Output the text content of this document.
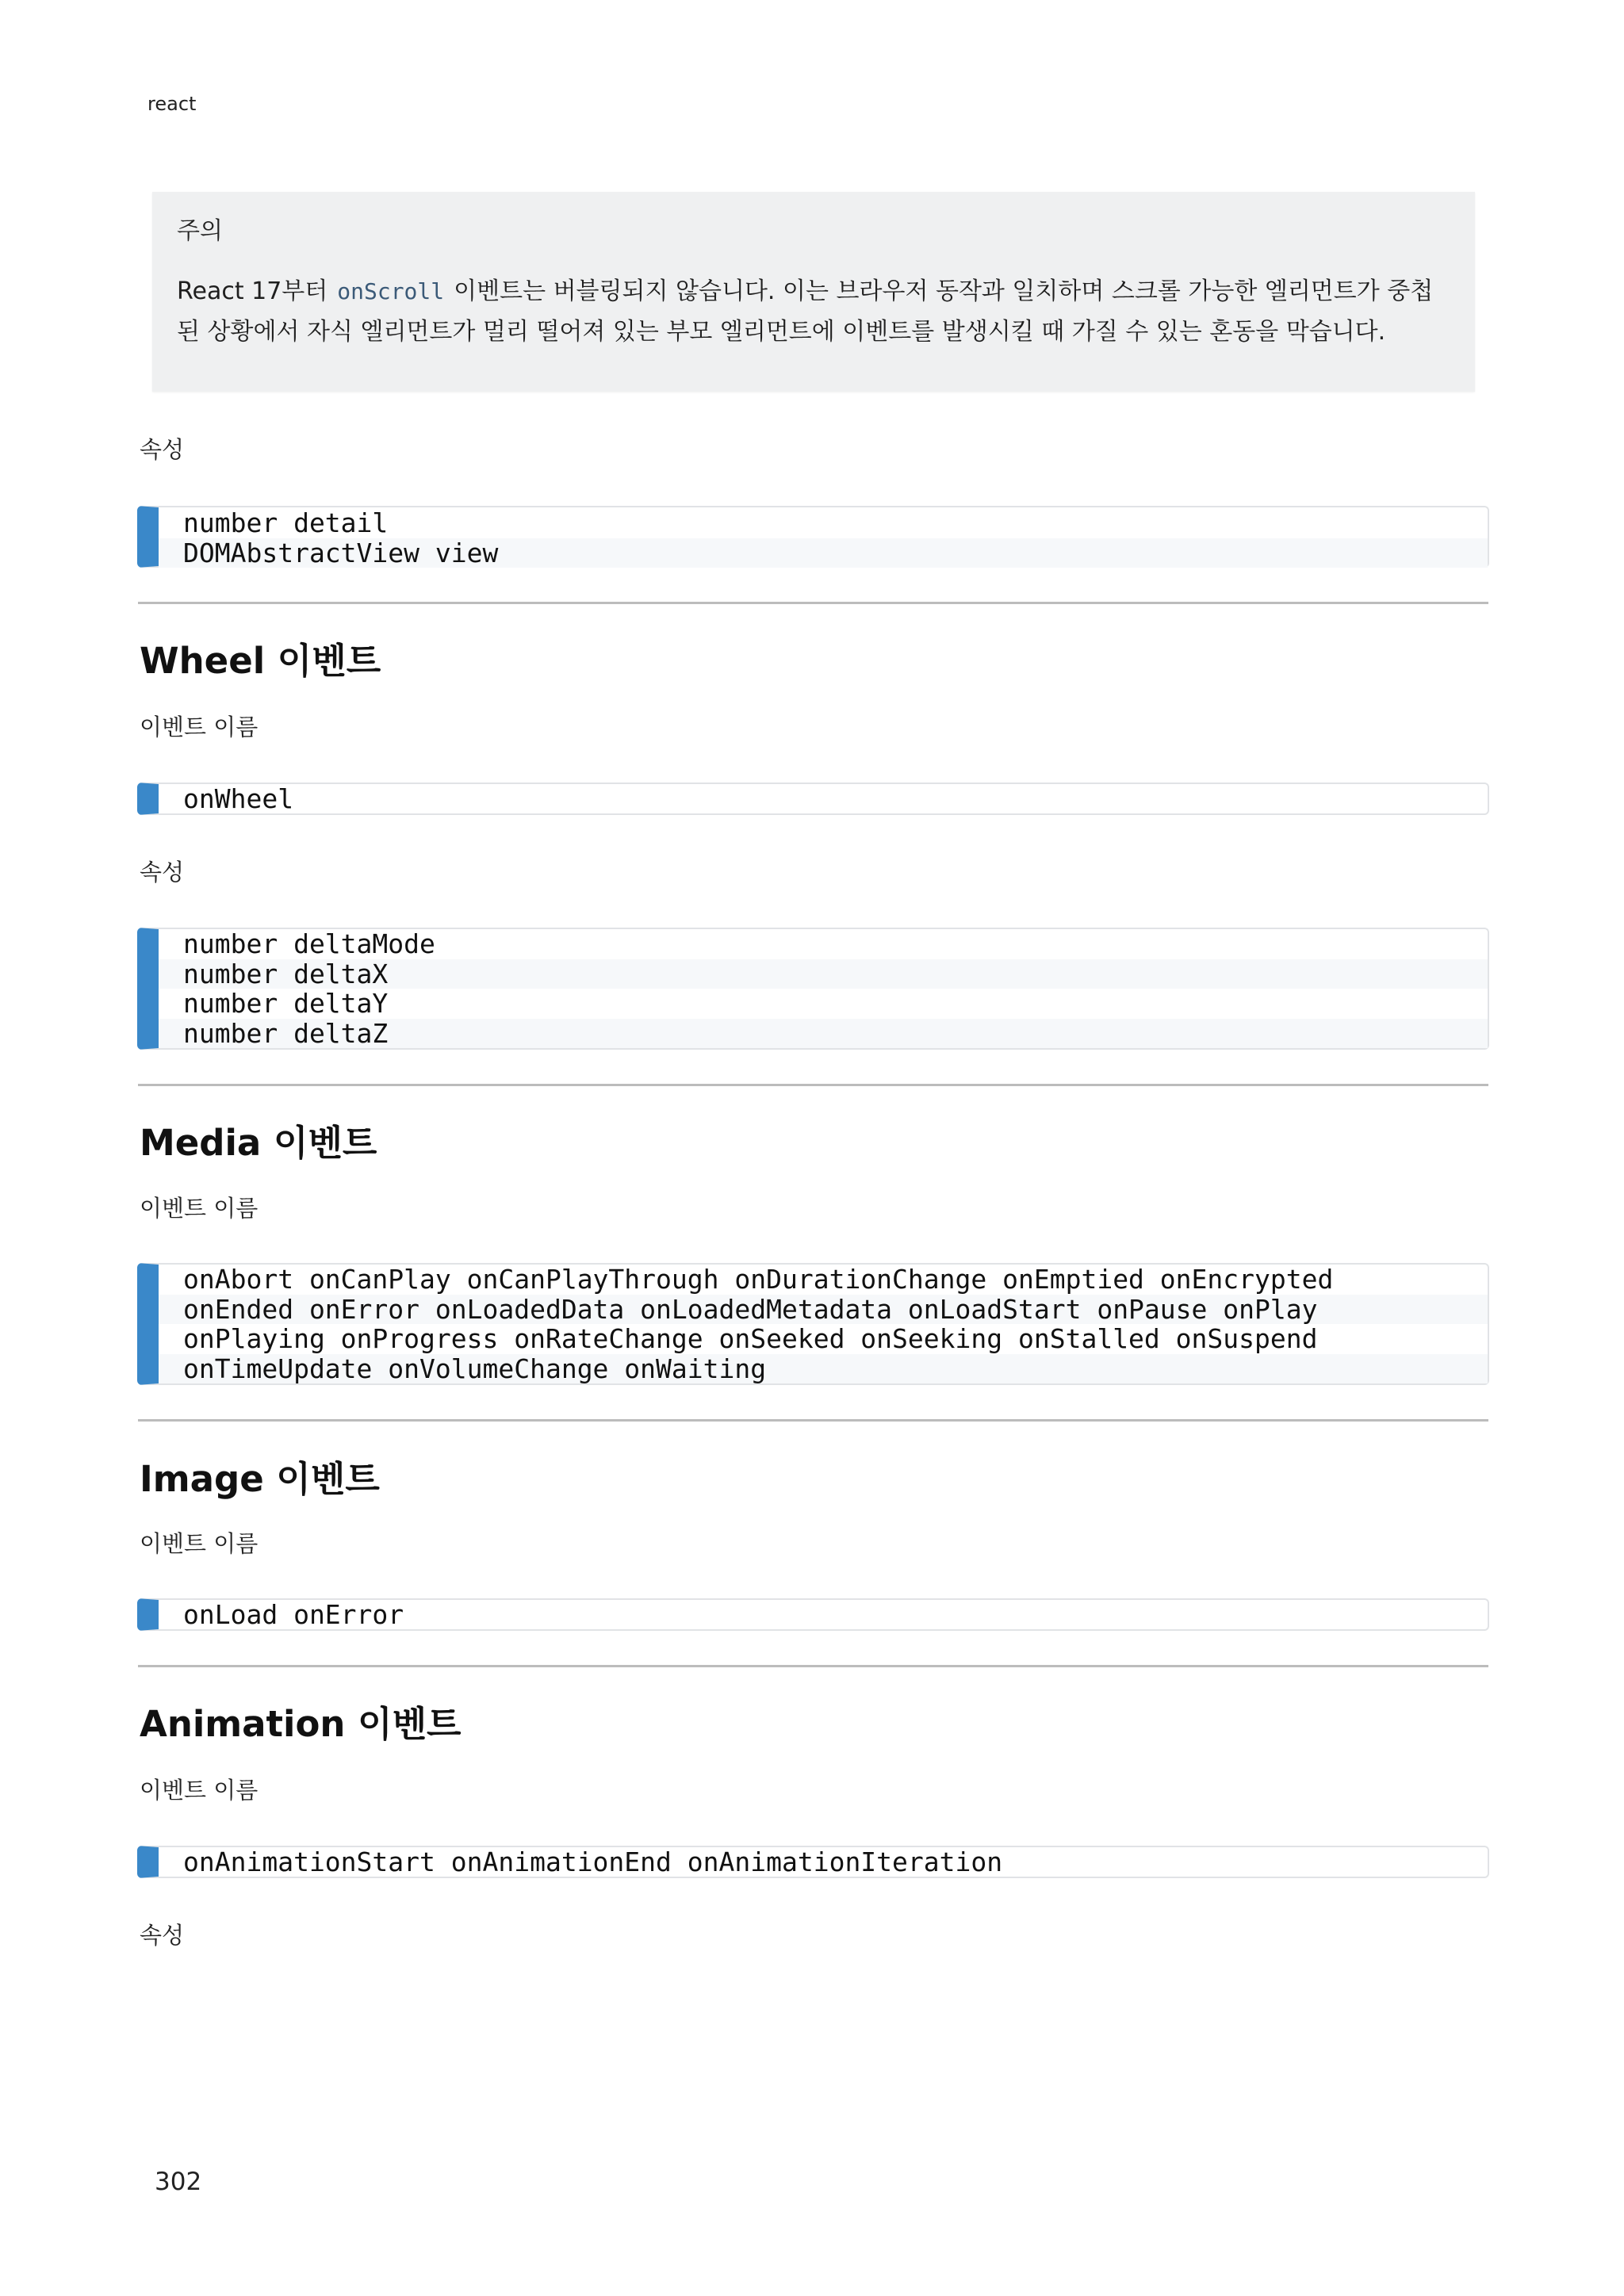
react
주의
React 17부터 onScroll 이벤트는 버블링되지 않습니다. 이는 브라우저 동작과 일치하며 스크롤 가능한 엘리먼트가 중첩된 상황에서 자식 엘리먼트가 멀리 떨어져 있는 부모 엘리먼트에 이벤트를 발생시킬 때 가질 수 있는 혼동을 막습니다.
속성
number detail
DOMAbstractView view
Wheel 이벤트
이벤트 이름
onWheel
속성
number deltaMode
number deltaX
number deltaY
number deltaZ
Media 이벤트
이벤트 이름
onAbort onCanPlay onCanPlayThrough onDurationChange onEmptied onEncrypted
onEnded onError onLoadedData onLoadedMetadata onLoadStart onPause onPlay
onPlaying onProgress onRateChange onSeeked onSeeking onStalled onSuspend
onTimeUpdate onVolumeChange onWaiting
Image 이벤트
이벤트 이름
onLoad onError
Animation 이벤트
이벤트 이름
onAnimationStart onAnimationEnd onAnimationIteration
속성
302
